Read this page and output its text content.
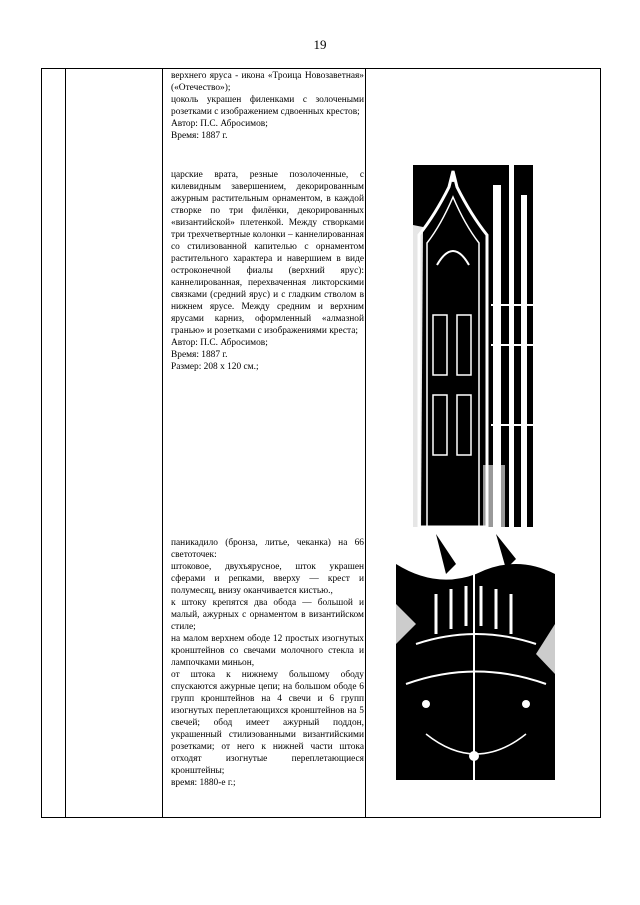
19

верхнего яруса - икона «Троица Новозаветная» («Отечество»);

цоколь украшен филенками с золочеными розетками с изображением сдвоенных крестов;

Автор: П.С. Абросимов;

Время: 1887 г.

царские врата, резные позолоченные, с килевидным завершением, декорированным ажурным растительным орнаментом, в каждой створке по три филёнки, декорированных «византийской» плетенкой. Между створками три трехчетвертные колонки – каннелированная со стилизованной капителью с орнаментом растительного характера и навершием в виде остроконечной фиалы (верхний ярус): каннелированная, перехваченная ликторскими связками (средний ярус) и с гладким стволом в нижнем ярусе. Между средним и верхним ярусами карниз, оформленный «алмазной гранью» и розетками с изображениями креста;

Автор: П.С. Абросимов;

Время: 1887 г.

Размер: 208 х 120 см.;

паникадило (бронза, литье, чеканка) на 66 светоточек:

штоковое, двухъярусное, шток украшен сферами и репками, вверху — крест и полумесяц, внизу оканчивается кистью.,

к штоку крепятся два обода — большой и малый, ажурных с орнаментом в византийском стиле;

на малом верхнем ободе 12 простых изогнутых кронштейнов со свечами молочного стекла и лампочками миньон,

от штока к нижнему большому ободу спускаются ажурные цепи; на большом ободе 6 групп кронштейнов на 4 свечи и 6 групп изогнутых переплетающихся кронштейнов на 5 свечей; обод имеет ажурный поддон, украшенный стилизованными византийскими розетками; от него к нижней части штока отходят изогнутые переплетающиеся кронштейны;

время: 1880-е г.;
